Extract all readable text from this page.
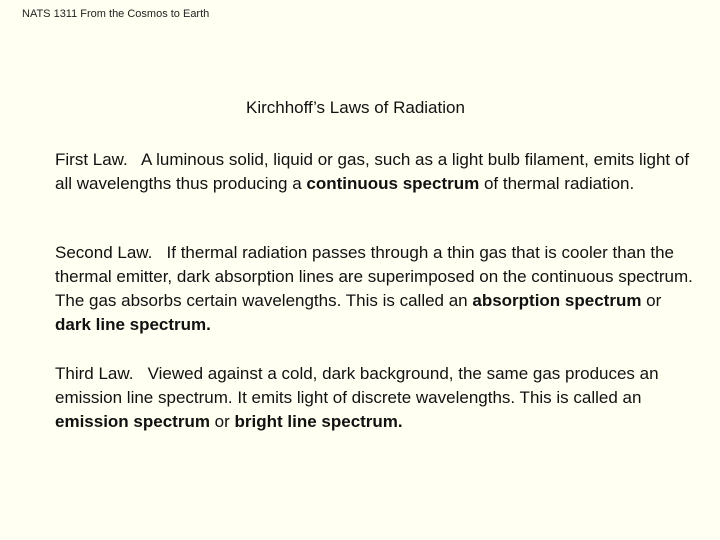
NATS 1311 From the Cosmos to Earth
Kirchhoff’s Laws of Radiation

First Law. A luminous solid, liquid or gas, such as a light bulb filament, emits light of all wavelengths thus producing a continuous spectrum of thermal radiation.

Second Law. If thermal radiation passes through a thin gas that is cooler than the thermal emitter, dark absorption lines are superimposed on the continuous spectrum. The gas absorbs certain wavelengths. This is called an absorption spectrum or dark line spectrum.

Third Law. Viewed against a cold, dark background, the same gas produces an emission line spectrum. It emits light of discrete wavelengths. This is called an emission spectrum or bright line spectrum.
